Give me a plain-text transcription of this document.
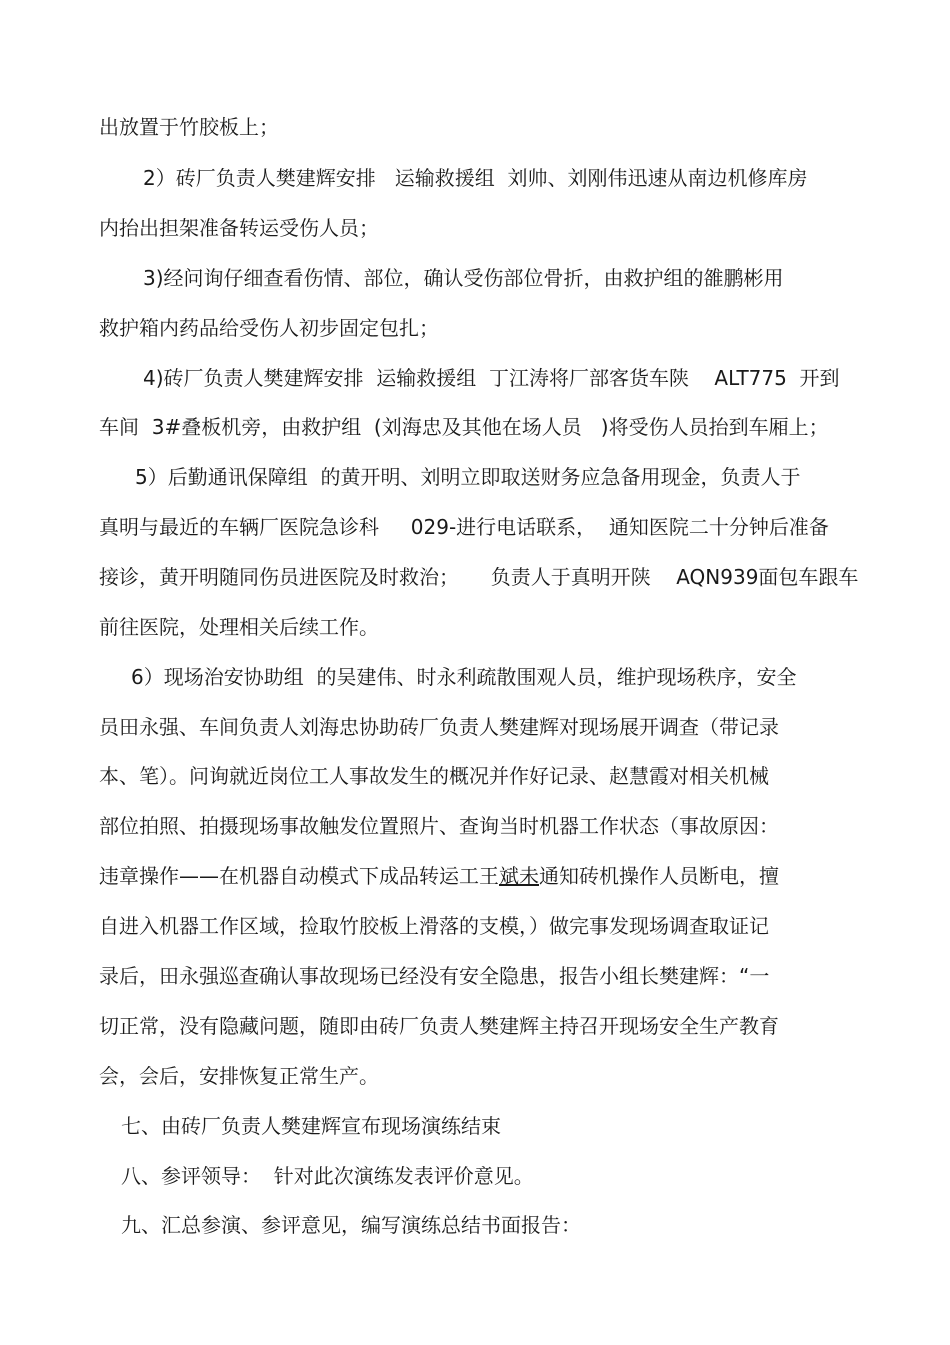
出放置于竹胶板上；
2）砖厂负责人樊建辉安排   运输救援组  刘帅、刘刚伟迅速从南边机修库房
内抬出担架准备转运受伤人员；
3)经问询仔细查看伤情、部位，确认受伤部位骨折，由救护组的雒鹏彬用
救护箱内药品给受伤人初步固定包扎；
4)砖厂负责人樊建辉安排  运输救援组  丁江涛将厂部客货车陕    ALT775  开到
车间  3#叠板机旁，由救护组  (刘海忠及其他在场人员   )将受伤人员抬到车厢上；
5）后勤通讯保障组  的黄开明、刘明立即取送财务应急备用现金，负责人于
真明与最近的车辆厂医院急诊科     029-进行电话联系，  通知医院二十分钟后准备
接诊，黄开明随同伤员进医院及时救治；     负责人于真明开陕    AQN939面包车跟车
前往医院，处理相关后续工作。
6）现场治安协助组  的吴建伟、时永利疏散围观人员，维护现场秩序，安全
员田永强、车间负责人刘海忠协助砖厂负责人樊建辉对现场展开调查（带记录
本、笔）。问询就近岗位工人事故发生的概况并作好记录、赵慧霞对相关机械
部位拍照、拍摄现场事故触发位置照片、查询当时机器工作状态（事故原因：
违章操作——在机器自动模式下成品转运工王斌未通知砖机操作人员断电，擅
自进入机器工作区域，捡取竹胶板上滑落的支模，）做完事发现场调查取证记
录后，田永强巡查确认事故现场已经没有安全隐患，报告小组长樊建辉：“一
切正常，没有隐藏问题，随即由砖厂负责人樊建辉主持召开现场安全生产教育
会，会后，安排恢复正常生产。
七、由砖厂负责人樊建辉宣布现场演练结束
八、参评领导：  针对此次演练发表评价意见。
九、汇总参演、参评意见，编写演练总结书面报告：
